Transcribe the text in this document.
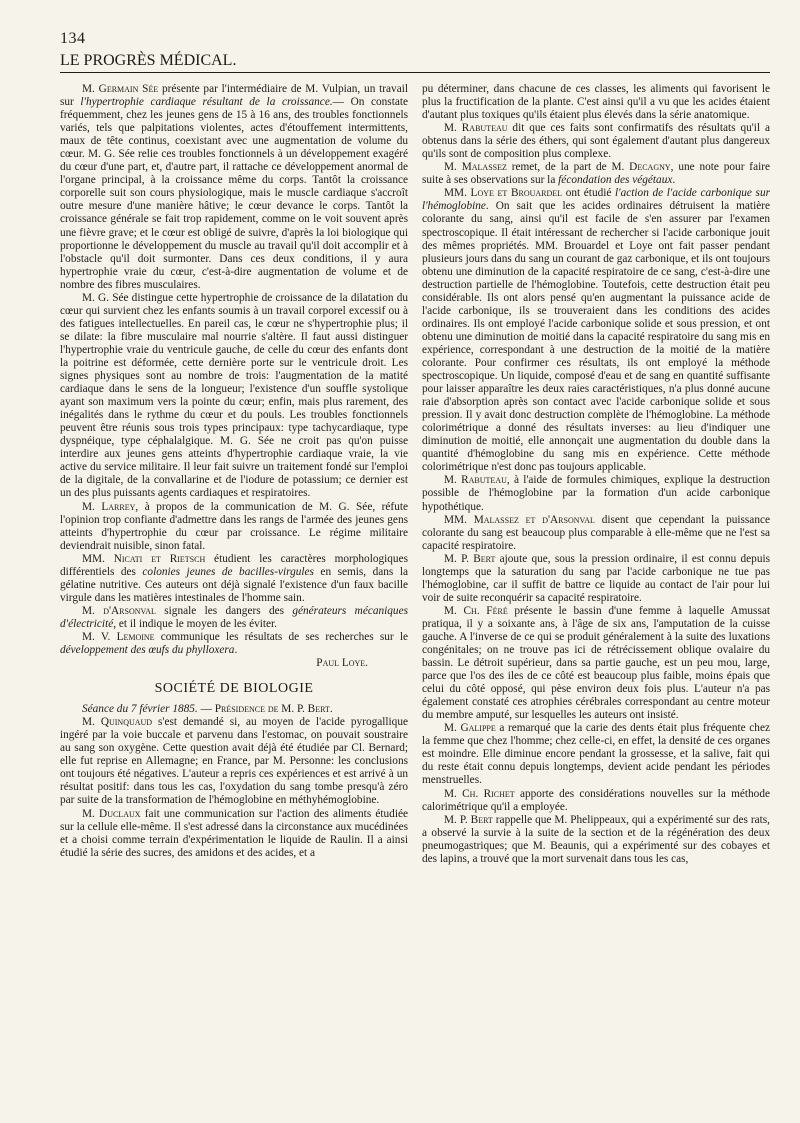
134
LE PROGRÈS MÉDICAL.

M. Germain Sée présente par l'intermédiaire de M. Vulpian, un travail sur l'hypertrophie cardiaque résultant de la croissance.— On constate fréquemment, chez les jeunes gens de 15 à 16 ans, des troubles fonctionnels variés, tels que palpitations violentes, actes d'étouffement intermittents, maux de tête continus, coexistant avec une augmentation de volume du cœur. M. G. Sée relie ces troubles fonctionnels à un développement exagéré du cœur d'une part, et, d'autre part, il rattache ce développement anormal de l'organe principal, à la croissance même du corps. Tantôt la croissance corporelle suit son cours physiologique, mais le muscle cardiaque s'accroît outre mesure d'une manière hâtive; le cœur devance le corps. Tantôt la croissance générale se fait trop rapidement, comme on le voit souvent après une fièvre grave; et le cœur est obligé de suivre, d'après la loi biologique qui proportionne le développement du muscle au travail qu'il doit accomplir et à l'obstacle qu'il doit surmonter. Dans ces deux conditions, il y aura hypertrophie vraie du cœur, c'est-à-dire augmentation de volume et de nombre des fibres musculaires.

M. G. Sée distingue cette hypertrophie de croissance de la dilatation du cœur qui survient chez les enfants soumis à un travail corporel excessif ou à des fatigues intellectuelles. En pareil cas, le cœur ne s'hypertrophie plus; il se dilate: la fibre musculaire mal nourrie s'altère. Il faut aussi distinguer l'hypertrophie vraie du ventricule gauche, de celle du cœur des enfants dont la poitrine est déformée, cette dernière porte sur le ventricule droit. Les signes physiques sont au nombre de trois: l'augmentation de la matité cardiaque dans le sens de la longueur; l'existence d'un souffle systolique ayant son maximum vers la pointe du cœur; enfin, mais plus rarement, des inégalités dans le rythme du cœur et du pouls. Les troubles fonctionnels peuvent être réunis sous trois types principaux: type tachycardiaque, type dyspnéique, type céphalalgique. M. G. Sée ne croit pas qu'on puisse interdire aux jeunes gens atteints d'hypertrophie cardiaque vraie, la vie active du service militaire. Il leur fait suivre un traitement fondé sur l'emploi de la digitale, de la convallarine et de l'iodure de potassium; ce dernier est un des plus puissants agents cardiaques et respiratoires.

M. Larrey, à propos de la communication de M. G. Sée, réfute l'opinion trop confiante d'admettre dans les rangs de l'armée des jeunes gens atteints d'hypertrophie du cœur par croissance. Le régime militaire deviendrait nuisible, sinon fatal.

MM. Nicati et Rietsch étudient les caractères morphologiques différentiels des colonies jeunes de bacilles-virgules en semis, dans la gélatine nutritive. Ces auteurs ont déjà signalé l'existence d'un faux bacille virgule dans les matières intestinales de l'homme sain.

M. d'Arsonval signale les dangers des générateurs mécaniques d'électricité, et il indique le moyen de les éviter.

M. V. Lemoine communique les résultats de ses recherches sur le développement des œufs du phylloxera.

Paul Loye.

SOCIÉTÉ DE BIOLOGIE

Séance du 7 février 1885. — Présidence de M. P. Bert.

M. Quinquaud s'est demandé si, au moyen de l'acide pyrogallique ingéré par la voie buccale et parvenu dans l'estomac, on pouvait soustraire au sang son oxygène. Cette question avait déjà été étudiée par Cl. Bernard; elle fut reprise en Allemagne; en France, par M. Personne: les conclusions ont toujours été négatives. L'auteur a repris ces expériences et est arrivé à un résultat positif: dans tous les cas, l'oxydation du sang tombe presqu'à zéro par suite de la transformation de l'hémoglobine en méthyhémoglobine.

M. Duclaux fait une communication sur l'action des aliments étudiée sur la cellule elle-même. Il s'est adressé dans la circonstance aux mucédinées et a choisi comme terrain d'expérimentation le liquide de Raulin. Il a ainsi étudié la série des sucres, des amidons et des acides, et a

pu déterminer, dans chacune de ces classes, les aliments qui favorisent le plus la fructification de la plante. C'est ainsi qu'il a vu que les acides étaient d'autant plus toxiques qu'ils étaient plus élevés dans la série anatomique.

M. Rabuteau dit que ces faits sont confirmatifs des résultats qu'il a obtenus dans la série des éthers, qui sont également d'autant plus dangereux qu'ils sont de composition plus complexe.

M. Malassez remet, de la part de M. Decagny, une note pour faire suite à ses observations sur la fécondation des végétaux.

MM. Loye et Brouardel ont étudié l'action de l'acide carbonique sur l'hémoglobine. On sait que les acides ordinaires détruisent la matière colorante du sang, ainsi qu'il est facile de s'en assurer par l'examen spectroscopique. Il était intéressant de rechercher si l'acide carbonique jouit des mêmes propriétés. MM. Brouardel et Loye ont fait passer pendant plusieurs jours dans du sang un courant de gaz carbonique, et ils ont toujours obtenu une diminution de la capacité respiratoire de ce sang, c'est-à-dire une destruction partielle de l'hémoglobine. Toutefois, cette destruction était peu considérable. Ils ont alors pensé qu'en augmentant la puissance acide de l'acide carbonique, ils se trouveraient dans les conditions des acides ordinaires. Ils ont employé l'acide carbonique solide et sous pression, et ont obtenu une diminution de moitié dans la capacité respiratoire du sang mis en expérience, correspondant à une destruction de la moitié de la matière colorante. Pour confirmer ces résultats, ils ont employé la méthode spectroscopique. Un liquide, composé d'eau et de sang en quantité suffisante pour laisser apparaître les deux raies caractéristiques, n'a plus donné aucune raie d'absorption après son contact avec l'acide carbonique solide et sous pression. Il y avait donc destruction complète de l'hémoglobine. La méthode colorimétrique a donné des résultats inverses: au lieu d'indiquer une diminution de moitié, elle annonçait une augmentation du double dans la quantité d'hémoglobine du sang mis en expérience. Cette méthode colorimétrique n'est donc pas toujours applicable.

M. Rabuteau, à l'aide de formules chimiques, explique la destruction possible de l'hémoglobine par la formation d'un acide carbonique hypothétique.

MM. Malassez et d'Arsonval disent que cependant la puissance colorante du sang est beaucoup plus comparable à elle-même que ne l'est sa capacité respiratoire.

M. P. Bert ajoute que, sous la pression ordinaire, il est connu depuis longtemps que la saturation du sang par l'acide carbonique ne tue pas l'hémoglobine, car il suffit de battre ce liquide au contact de l'air pour lui voir de suite reconquérir sa capacité respiratoire.

M. Ch. Féré présente le bassin d'une femme à laquelle Amussat pratiqua, il y a soixante ans, à l'âge de six ans, l'amputation de la cuisse gauche. A l'inverse de ce qui se produit généralement à la suite des luxations congénitales; on ne trouve pas ici de rétrécissement oblique ovalaire du bassin. Le détroit supérieur, dans sa partie gauche, est un peu mou, large, parce que l'os des iles de ce côté est beaucoup plus faible, moins épais que celui du côté opposé, qui pèse environ deux fois plus. L'auteur n'a pas également constaté ces atrophies cérébrales correspondant au centre moteur du membre amputé, sur lesquelles les auteurs ont insisté.

M. Galippe a remarqué que la carie des dents était plus fréquente chez la femme que chez l'homme; chez celle-ci, en effet, la densité de ces organes est moindre. Elle diminue encore pendant la grossesse, et la salive, fait qui du reste était connu depuis longtemps, devient acide pendant les périodes menstruelles.

M. Ch. Richet apporte des considérations nouvelles sur la méthode calorimétrique qu'il a employée.

M. P. Bert rappelle que M. Phelippeaux, qui a expérimenté sur des rats, a observé la survie à la suite de la section et de la régénération des deux pneumogastriques; que M. Beaunis, qui a expérimenté sur des cobayes et des lapins, a trouvé que la mort survenait dans tous les cas,
